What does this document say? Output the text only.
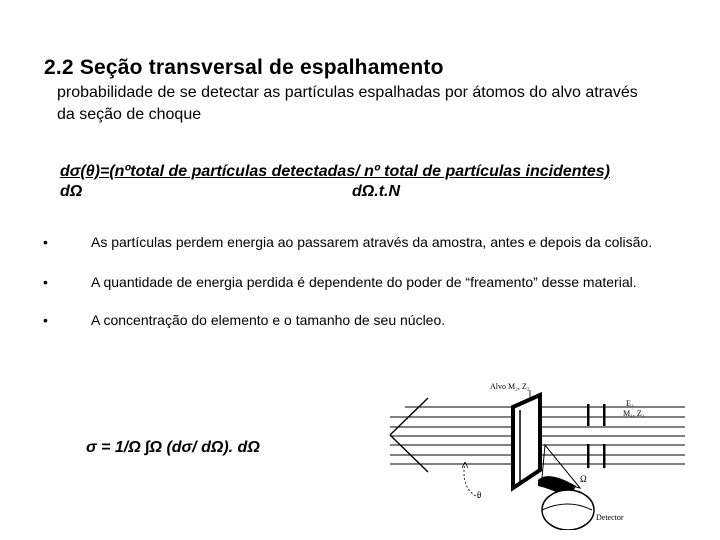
2.2 Seção transversal de espalhamento
probabilidade de se detectar as partículas espalhadas por átomos do alvo através da seção de choque
dσ(θ)=(nºtotal de partículas detectadas/ nº total de partículas incidentes)
dΩ	dΩ.t.N
•	As partículas perdem energia ao passarem através da amostra, antes e depois da colisão.
•	A quantidade de energia perdida é dependente do poder de “freamento” desse material.
•	A concentração do elemento e o tamanho de seu núcleo.
Alvo M₂, Z₂
E₂
M₁, Z₁
Ω
Detector
θ
σ = 1/Ω ∫Ω (dσ/ dΩ). dΩ
